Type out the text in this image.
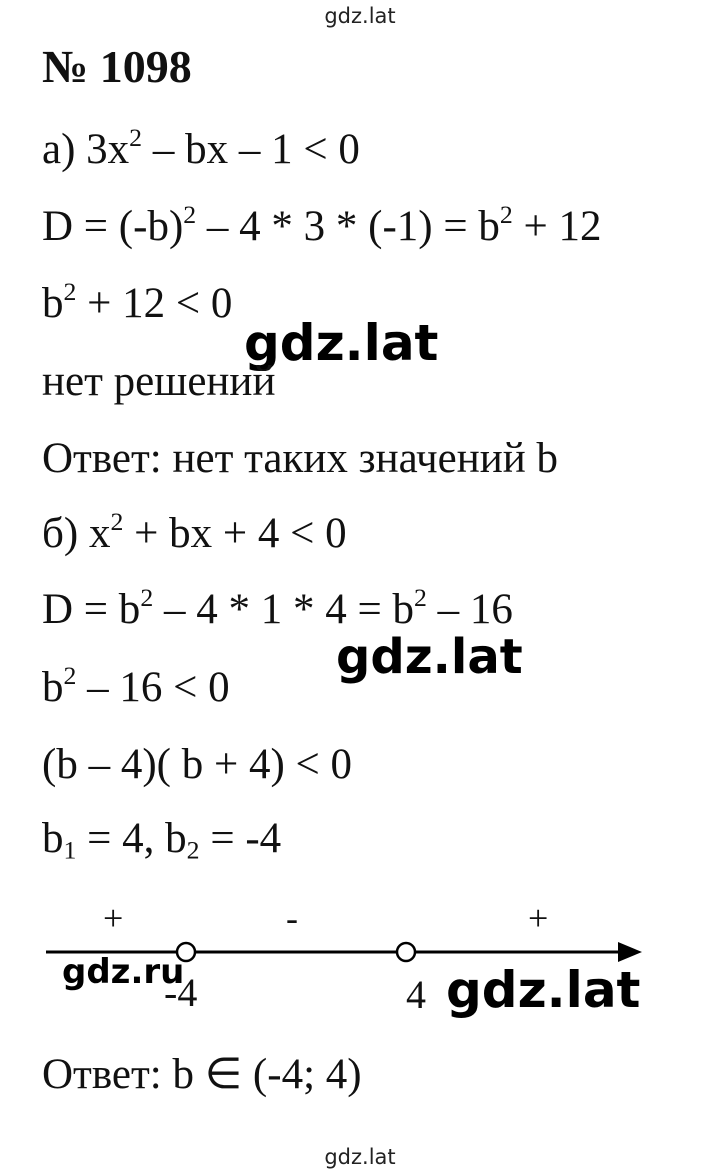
gdz.lat
№ 1098
а) $3x^2$ – bx – 1 < 0
$D = (-b)^2 - 4 * 3 * (-1) = b^2 + 12$
$b^2 + 12 < 0$
gdz.lat
нет решений
Ответ: нет таких значений b
б) $x^2$ + bx + 4 < 0
$D = b^2 - 4 * 1 * 4 = b^2 - 16$
gdz.lat
$b^2 - 16 < 0$
(b – 4)( b + 4) < 0
$b_1 = 4$, $b_2 = -4$
+	-	+
gdz.ru
-4	4 gdz.lat
Ответ: b ∈ (-4; 4)
gdz.lat
